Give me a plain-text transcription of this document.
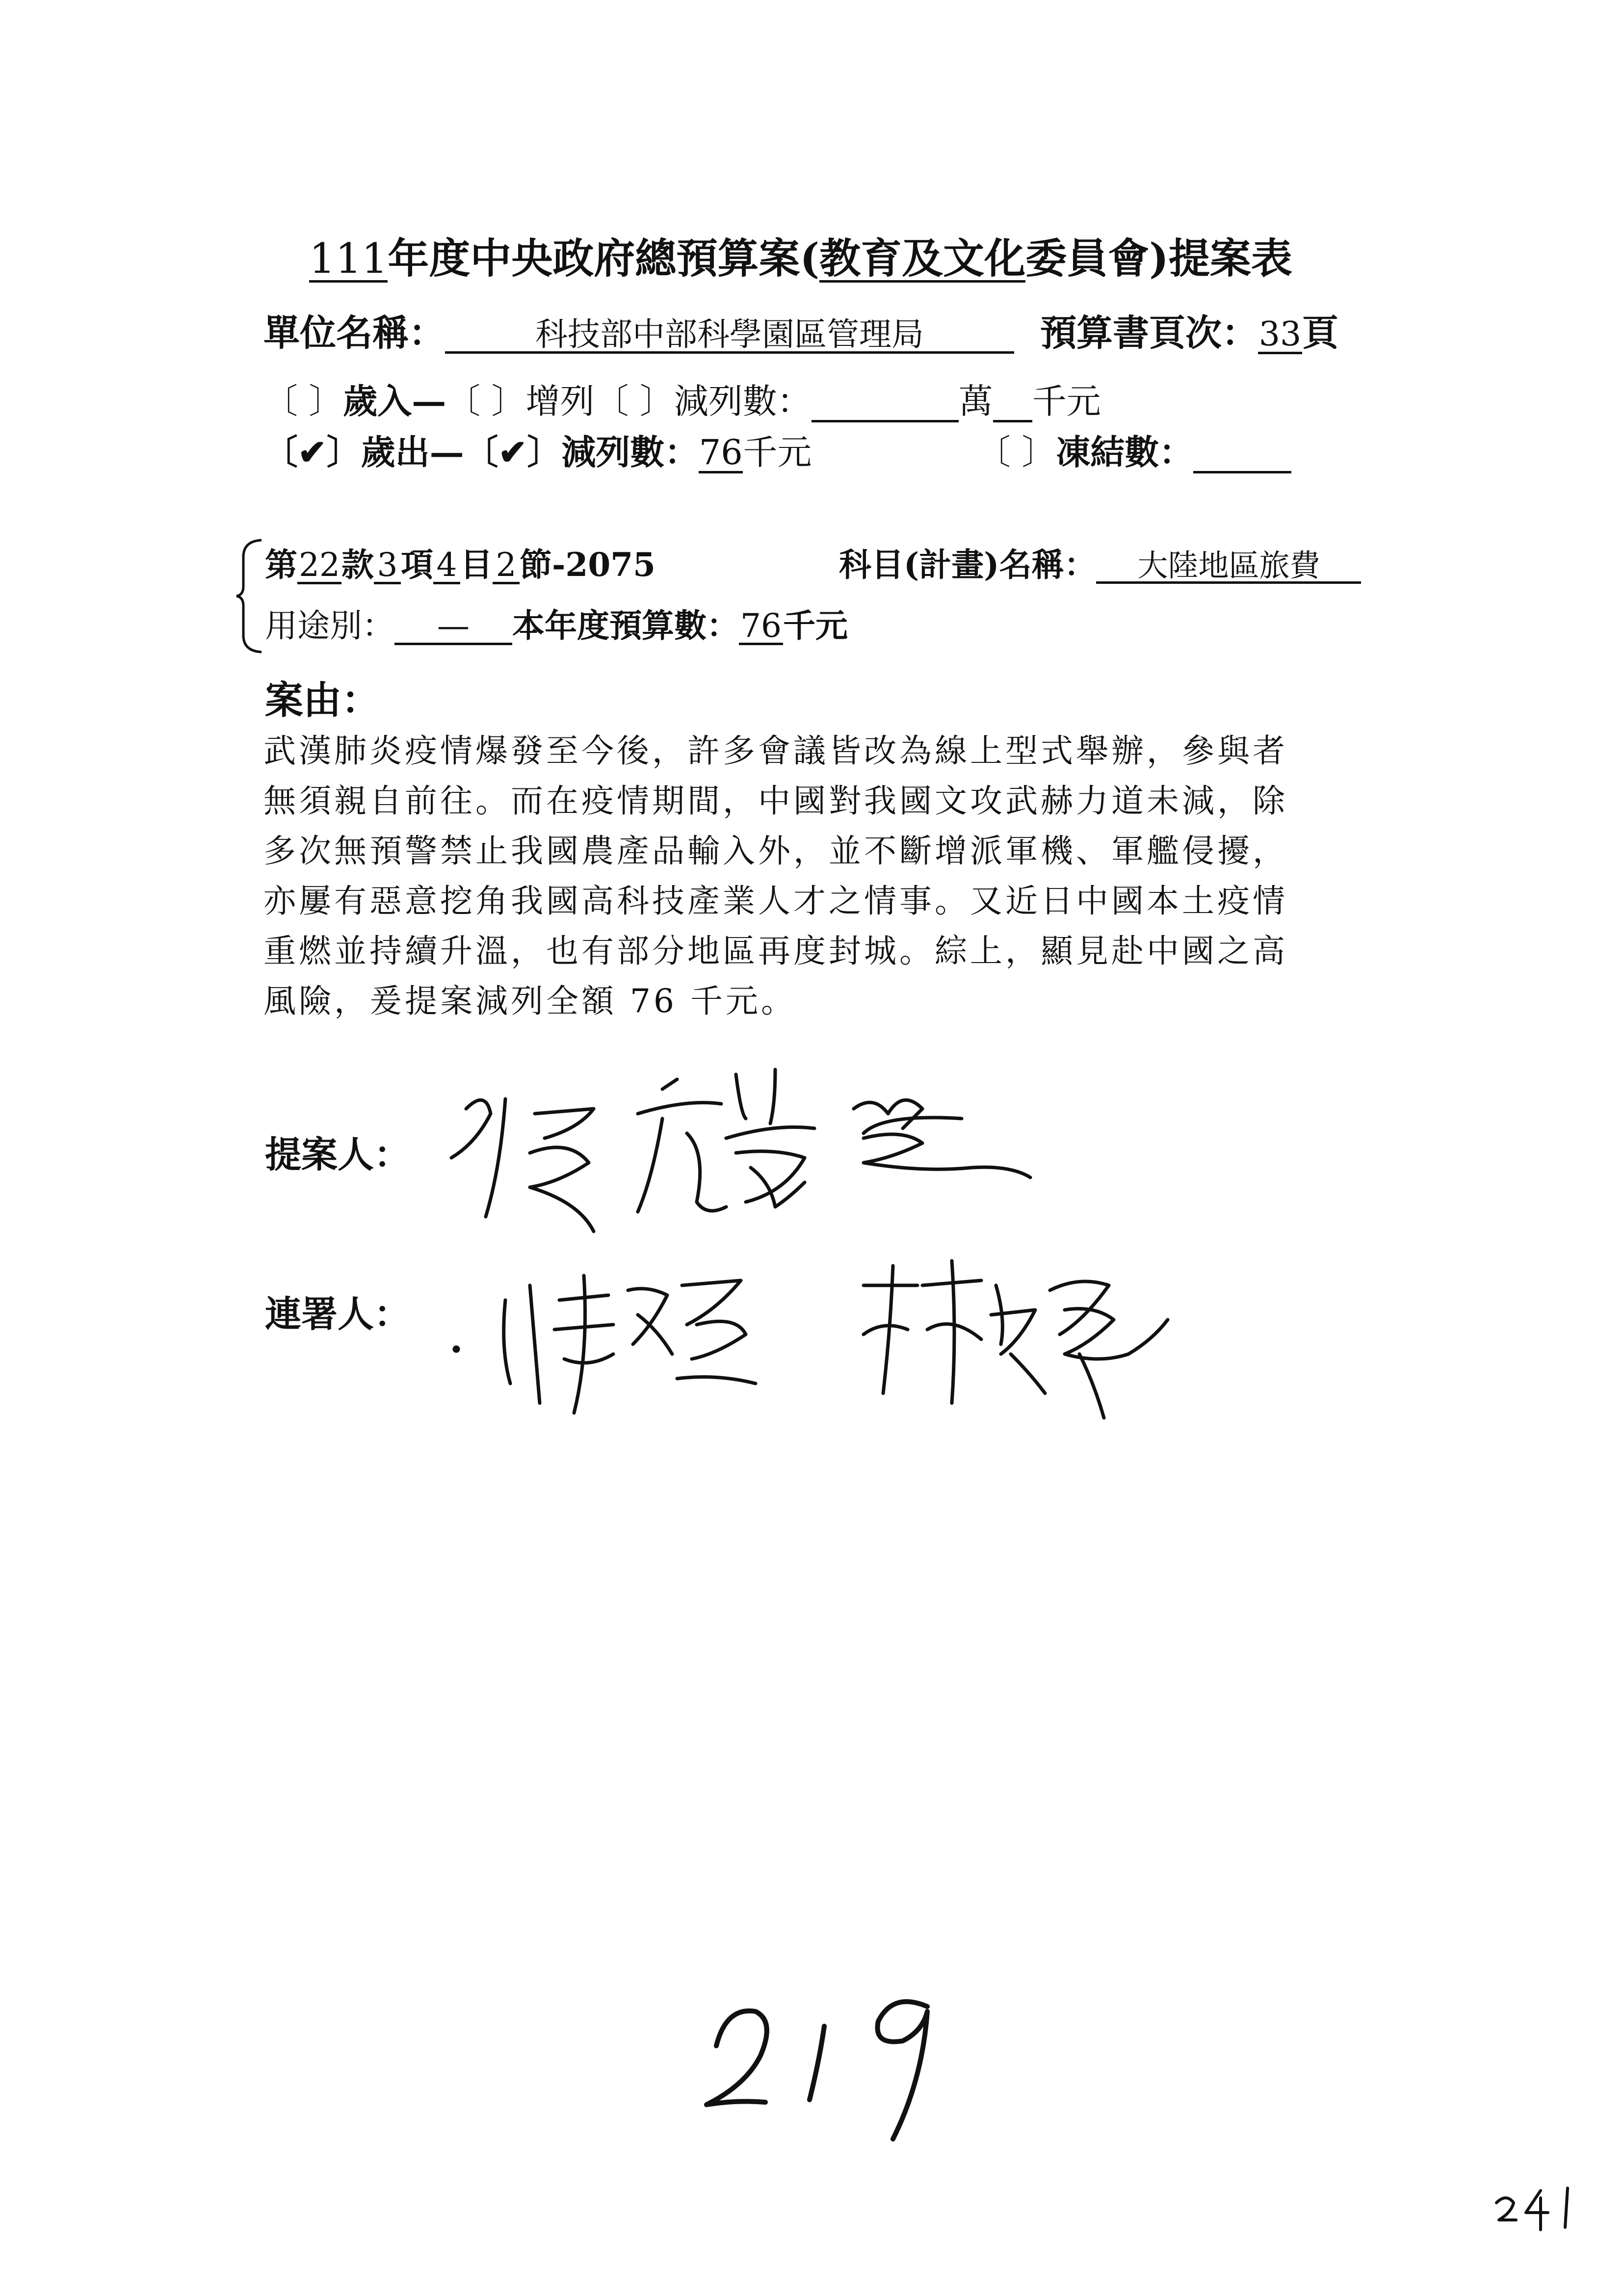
111年度中央政府總預算案(教育及文化委員會)提案表
單位名稱：	科技部中部科學園區管理局	預算書頁次：33頁
〔 〕歲入—〔 〕增列〔 〕減列數：	萬 千元
〔✔〕歲出—〔✔〕減列數：76千元	〔 〕凍結數：
第22款3項4目2節-2075	科目(計畫)名稱： 大陸地區旅費
用途別： — 本年度預算數：76千元
案由：

武漢肺炎疫情爆發至今後，許多會議皆改為線上型式舉辦，參與者

無須親自前往。而在疫情期間，中國對我國文攻武赫力道未減，除

多次無預警禁止我國農產品輸入外，並不斷增派軍機、軍艦侵擾，

亦屢有惡意挖角我國高科技產業人才之情事。又近日中國本土疫情

重燃並持續升溫，也有部分地區再度封城。綜上，顯見赴中國之高

風險，爰提案減列全額 76 千元。

提案人：
連署人：
